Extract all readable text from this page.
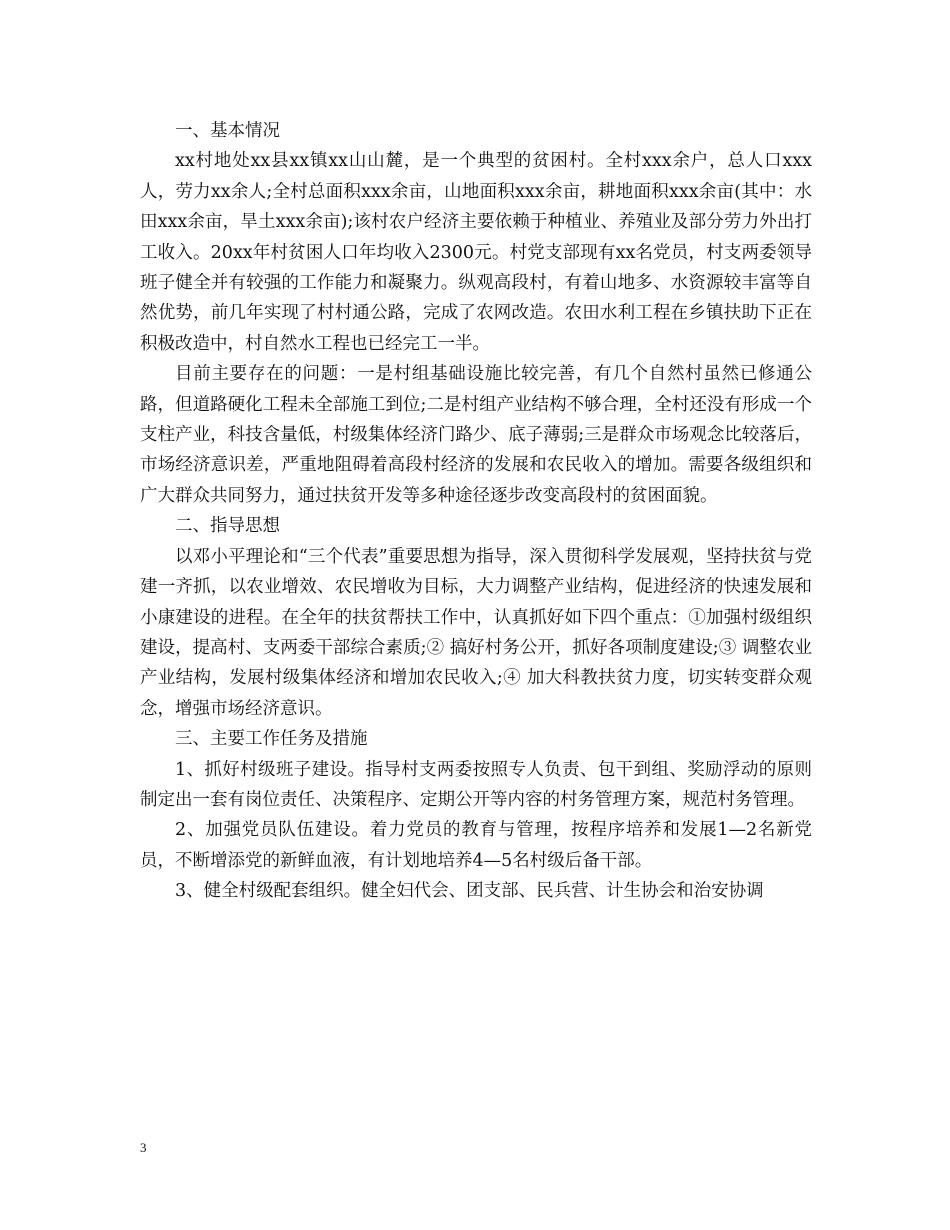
一、基本情况

xx村地处xx县xx镇xx山山麓，是一个典型的贫困村。全村xxx余户，总人口xxx人，劳力xx余人;全村总面积xxx余亩，山地面积xxx余亩，耕地面积xxx余亩(其中：水田xxx余亩，旱土xxx余亩);该村农户经济主要依赖于种植业、养殖业及部分劳力外出打工收入。20xx年村贫困人口年均收入2300元。村党支部现有xx名党员，村支两委领导班子健全并有较强的工作能力和凝聚力。纵观高段村，有着山地多、水资源较丰富等自然优势，前几年实现了村村通公路，完成了农网改造。农田水利工程在乡镇扶助下正在积极改造中，村自然水工程也已经完工一半。

目前主要存在的问题：一是村组基础设施比较完善，有几个自然村虽然已修通公路，但道路硬化工程未全部施工到位;二是村组产业结构不够合理，全村还没有形成一个支柱产业，科技含量低，村级集体经济门路少、底子薄弱;三是群众市场观念比较落后，市场经济意识差，严重地阻碍着高段村经济的发展和农民收入的增加。需要各级组织和广大群众共同努力，通过扶贫开发等多种途径逐步改变高段村的贫困面貌。

二、指导思想

以邓小平理论和“三个代表”重要思想为指导，深入贯彻科学发展观，坚持扶贫与党建一齐抓，以农业增效、农民增收为目标，大力调整产业结构，促进经济的快速发展和小康建设的进程。在全年的扶贫帮扶工作中，认真抓好如下四个重点：①加强村级组织建设，提高村、支两委干部综合素质;② 搞好村务公开，抓好各项制度建设;③ 调整农业产业结构，发展村级集体经济和增加农民收入;④ 加大科教扶贫力度，切实转变群众观念，增强市场经济意识。

三、主要工作任务及措施

1、抓好村级班子建设。指导村支两委按照专人负责、包干到组、奖励浮动的原则制定出一套有岗位责任、决策程序、定期公开等内容的村务管理方案，规范村务管理。

2、加强党员队伍建设。着力党员的教育与管理，按程序培养和发展1—2名新党员，不断增添党的新鲜血液，有计划地培养4—5名村级后备干部。

3、健全村级配套组织。健全妇代会、团支部、民兵营、计生协会和治安协调

3
